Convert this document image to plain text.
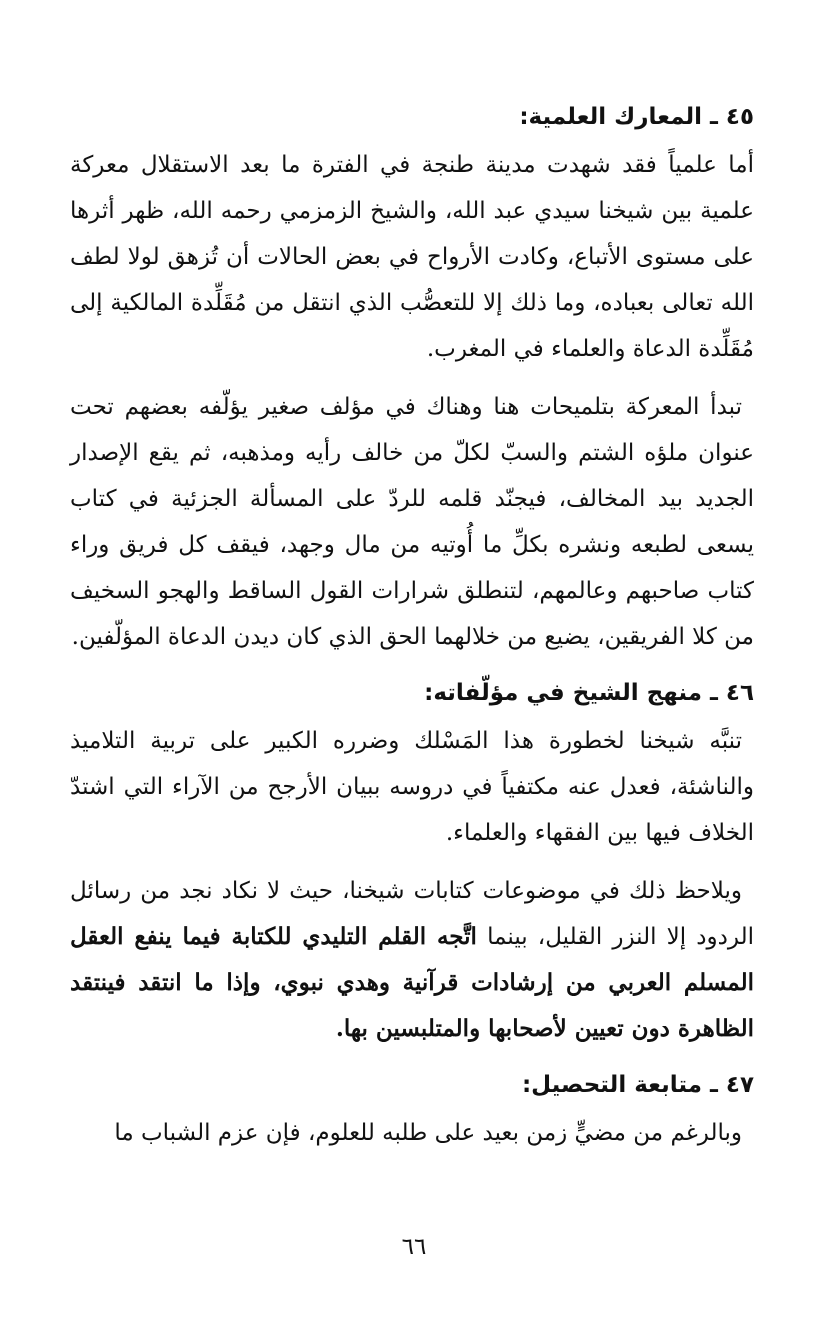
٤٥ ـ المعارك العلمية:

أما علمياً فقد شهدت مدينة طنجة في الفترة ما بعد الاستقلال معركة علمية بين شيخنا سيدي عبد الله، والشيخ الزمزمي رحمه الله، ظهر أثرها على مستوى الأتباع، وكادت الأرواح في بعض الحالات أن تُزهق لولا لطف الله تعالى بعباده، وما ذلك إلا للتعصُّب الذي انتقل من مُقَلِّدة المالكية إلى مُقَلِّدة الدعاة والعلماء في المغرب.

تبدأ المعركة بتلميحات هنا وهناك في مؤلف صغير يؤلّفه بعضهم تحت عنوان ملؤه الشتم والسبّ لكلّ من خالف رأيه ومذهبه، ثم يقع الإصدار الجديد بيد المخالف، فيجنّد قلمه للردّ على المسألة الجزئية في كتاب يسعى لطبعه ونشره بكلِّ ما أُوتيه من مال وجهد، فيقف كل فريق وراء كتاب صاحبهم وعالمهم، لتنطلق شرارات القول الساقط والهجو السخيف من كلا الفريقين، يضيع من خلالهما الحق الذي كان ديدن الدعاة المؤلّفين.

٤٦ ـ منهج الشيخ في مؤلّفاته:

تنبَّه شيخنا لخطورة هذا المَسْلك وضرره الكبير على تربية التلاميذ والناشئة، فعدل عنه مكتفياً في دروسه ببيان الأرجح من الآراء التي اشتدّ الخلاف فيها بين الفقهاء والعلماء.

ويلاحظ ذلك في موضوعات كتابات شيخنا، حيث لا نكاد نجد من رسائل الردود إلا النزر القليل، بينما اتَّجه القلم التليدي للكتابة فيما ينفع العقل المسلم العربي من إرشادات قرآنية وهدي نبوي، وإذا ما انتقد فينتقد الظاهرة دون تعيين لأصحابها والمتلبسين بها.

٤٧ ـ متابعة التحصيل:

وبالرغم من مضيٍّ زمن بعيد على طلبه للعلوم، فإن عزم الشباب ما

٦٦
